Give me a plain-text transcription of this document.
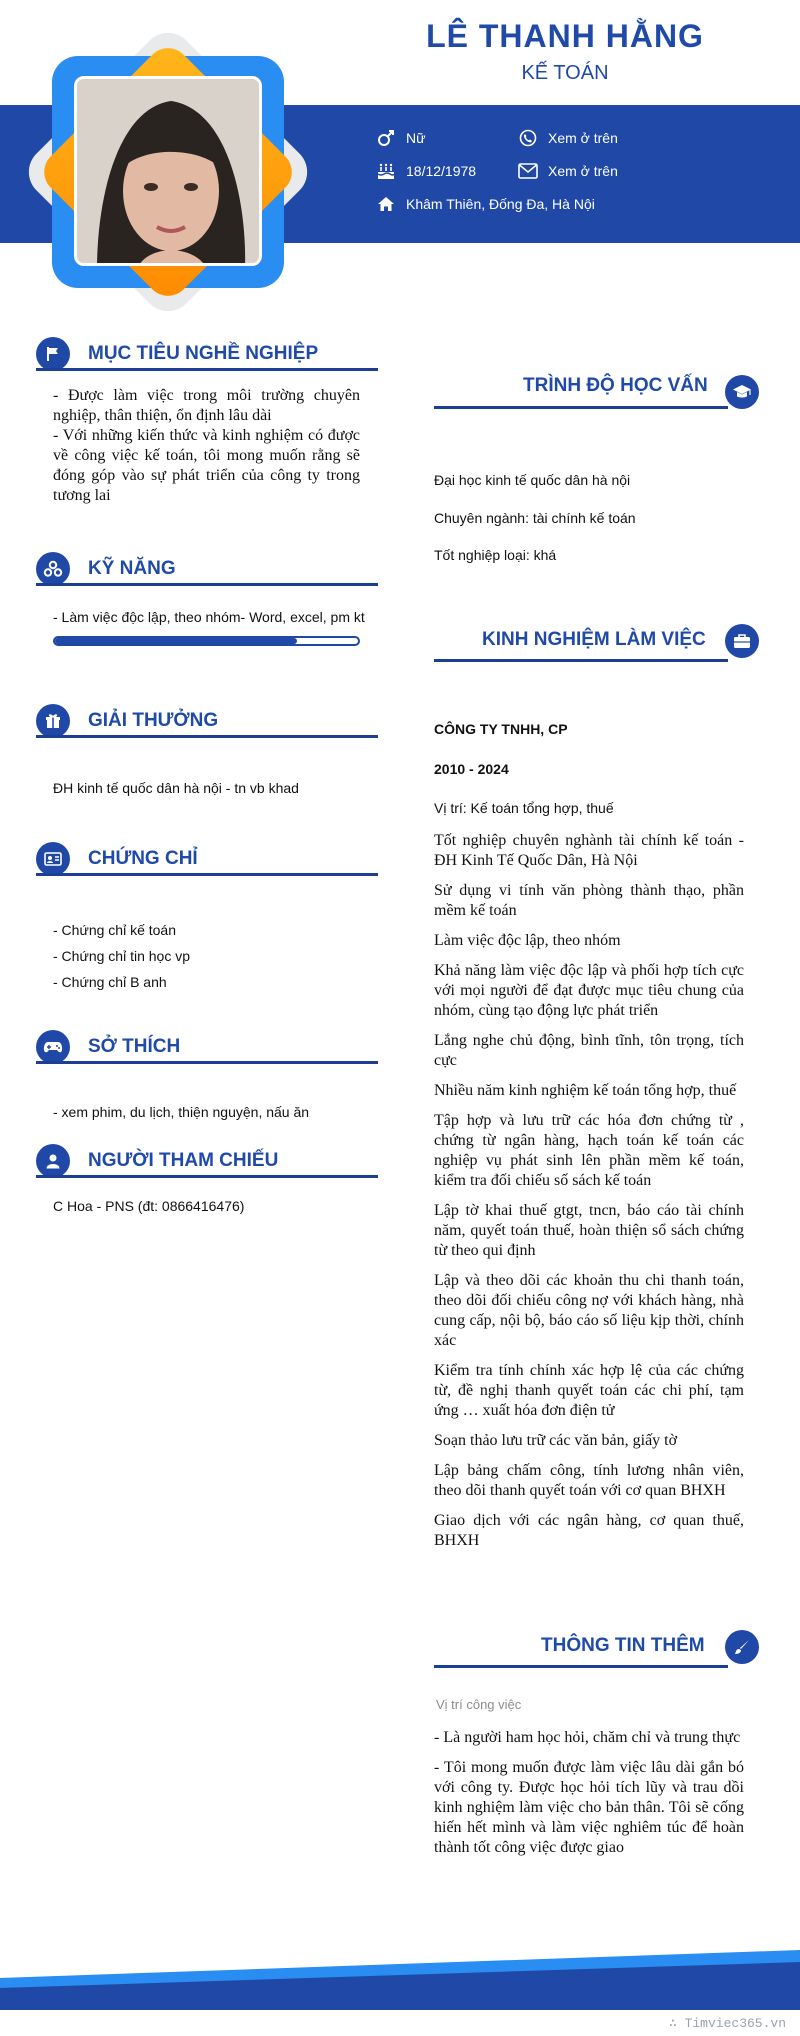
LÊ THANH HẰNG
KẾ TOÁN
Nữ	Xem ở trên
18/12/1978	Xem ở trên
Khâm Thiên, Đống Đa, Hà Nội
MỤC TIÊU NGHỀ NGHIỆP
- Được làm việc trong môi trường chuyên nghiệp, thân thiện, ổn định lâu dài
- Với những kiến thức và kinh nghiệm có được về công việc kế toán, tôi mong muốn rằng sẽ đóng góp vào sự phát triển của công ty trong tương lai
KỸ NĂNG
- Làm việc độc lập, theo nhóm- Word, excel, pm kt
GIẢI THƯỞNG
ĐH kinh tế quốc dân hà nội - tn vb khad
CHỨNG CHỈ
- Chứng chỉ kế toán
- Chứng chỉ tin học vp
- Chứng chỉ B anh
SỞ THÍCH
- xem phim, du lịch, thiện nguyện, nấu ăn
NGƯỜI THAM CHIẾU
C Hoa - PNS (đt: 0866416476)
TRÌNH ĐỘ HỌC VẤN
Đại học kinh tế quốc dân hà nội
Chuyên ngành: tài chính kế toán
Tốt nghiệp loại: khá
KINH NGHIỆM LÀM VIỆC
CÔNG TY TNHH, CP
2010 - 2024
Vị trí: Kế toán tổng hợp, thuế
Tốt nghiệp chuyên nghành tài chính kế toán - ĐH Kinh Tế Quốc Dân, Hà Nội
Sử dụng vi tính văn phòng thành thạo, phần mềm kế toán
Làm việc độc lập, theo nhóm
Khả năng làm việc độc lập và phối hợp tích cực với mọi người để đạt được mục tiêu chung của nhóm, cùng tạo động lực phát triển
Lắng nghe chủ động, bình tĩnh, tôn trọng, tích cực
Nhiều năm kinh nghiệm kế toán tổng hợp, thuế
Tập hợp và lưu trữ các hóa đơn chứng từ , chứng từ ngân hàng, hạch toán kế toán các nghiệp vụ phát sinh lên phần mềm kế toán, kiểm tra đối chiếu số sách kế toán
Lập tờ khai thuế gtgt, tncn, báo cáo tài chính năm, quyết toán thuế, hoàn thiện sổ sách chứng từ theo qui định
Lập và theo dõi các khoản thu chi thanh toán, theo dõi đối chiếu công nợ với khách hàng, nhà cung cấp, nội bộ, báo cáo số liệu kịp thời, chính xác
Kiểm tra tính chính xác hợp lệ của các chứng từ, đề nghị thanh quyết toán các chi phí, tạm ứng … xuất hóa đơn điện tử
Soạn thảo lưu trữ các văn bản, giấy tờ
Lập bảng chấm công, tính lương nhân viên, theo dõi thanh quyết toán với cơ quan BHXH
Giao dịch với các ngân hàng, cơ quan thuế, BHXH
THÔNG TIN THÊM
Vị trí công việc
- Là người ham học hỏi, chăm chỉ và trung thực
- Tôi mong muốn được làm việc lâu dài gắn bó với công ty. Được học hỏi tích lũy và trau dồi kinh nghiệm làm việc cho bản thân. Tôi sẽ cống hiến hết mình và làm việc nghiêm túc để hoàn thành tốt công việc được giao
∴ Timviec365.vn
